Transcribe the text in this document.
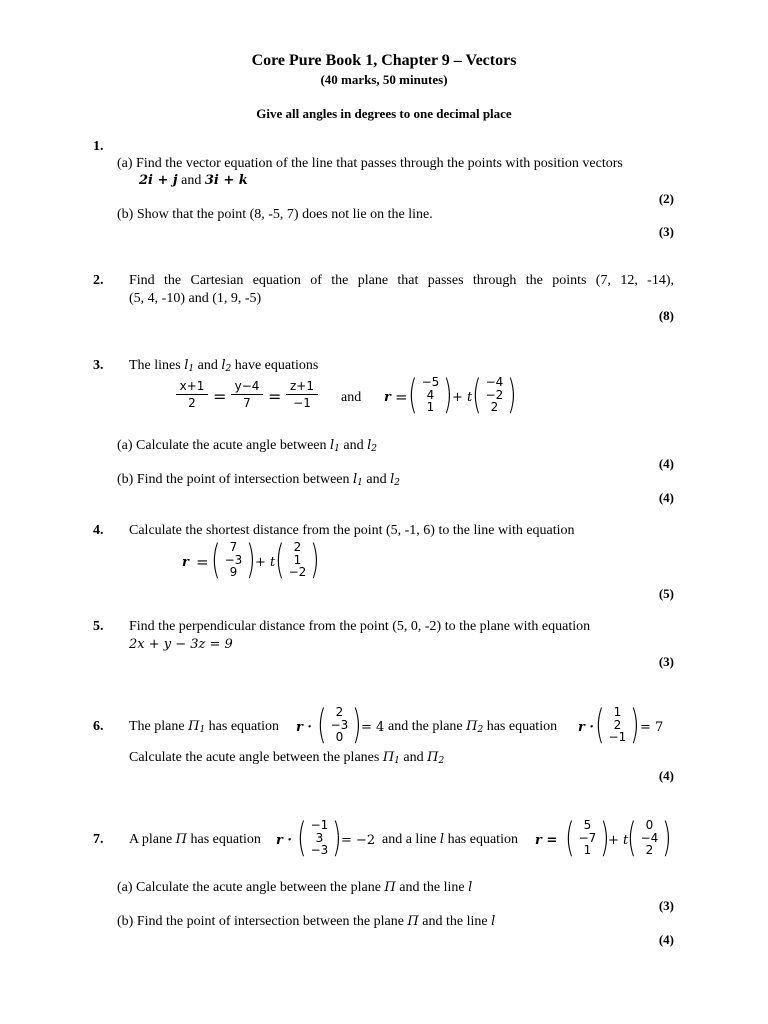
Core Pure Book 1, Chapter 9 – Vectors
(40 marks, 50 minutes)
Give all angles in degrees to one decimal place
1.
(a) Find the vector equation of the line that passes through the points with position vectors
2i + j and 3i + k
(2)
(b) Show that the point (8, -5, 7) does not lie on the line.
(3)
2. Find the Cartesian equation of the plane that passes through the points (7, 12, -14),
(5, 4, -10) and (1, 9, -5)
(8)
3. The lines $l_1$ and $l_2$ have equations
$\frac{x+1}{2} = \frac{y-4}{7} = \frac{z+1}{-1}$ and r = ( −5
4
1 ) + t ( −4
−2
2 )
(a) Calculate the acute angle between $l_1$ and $l_2$
(4)
(b) Find the point of intersection between $l_1$ and $l_2$
(4)
4. Calculate the shortest distance from the point (5, -1, 6) to the line with equation
r = ( 7
−3
9 ) + t ( 2
1
−2 )
(5)
5. Find the perpendicular distance from the point (5, 0, -2) to the plane with equation
2x + y − 3z = 9
(3)
6. The plane $\Pi_1$ has equation r · ( 2
−3
0 ) = 4 and the plane $\Pi_2$ has equation r · ( 1
2
−1 ) = 7
Calculate the acute angle between the planes $\Pi_1$ and $\Pi_2$
(4)
7. A plane Π has equation r · ( −1
3
−3 ) = −2 and a line l has equation r = ( 5
−7
1 )
+ t
( 0
−4
2 )
(a) Calculate the acute angle between the plane Π and the line l
(3)
(b) Find the point of intersection between the plane Π and the line l
(4)
